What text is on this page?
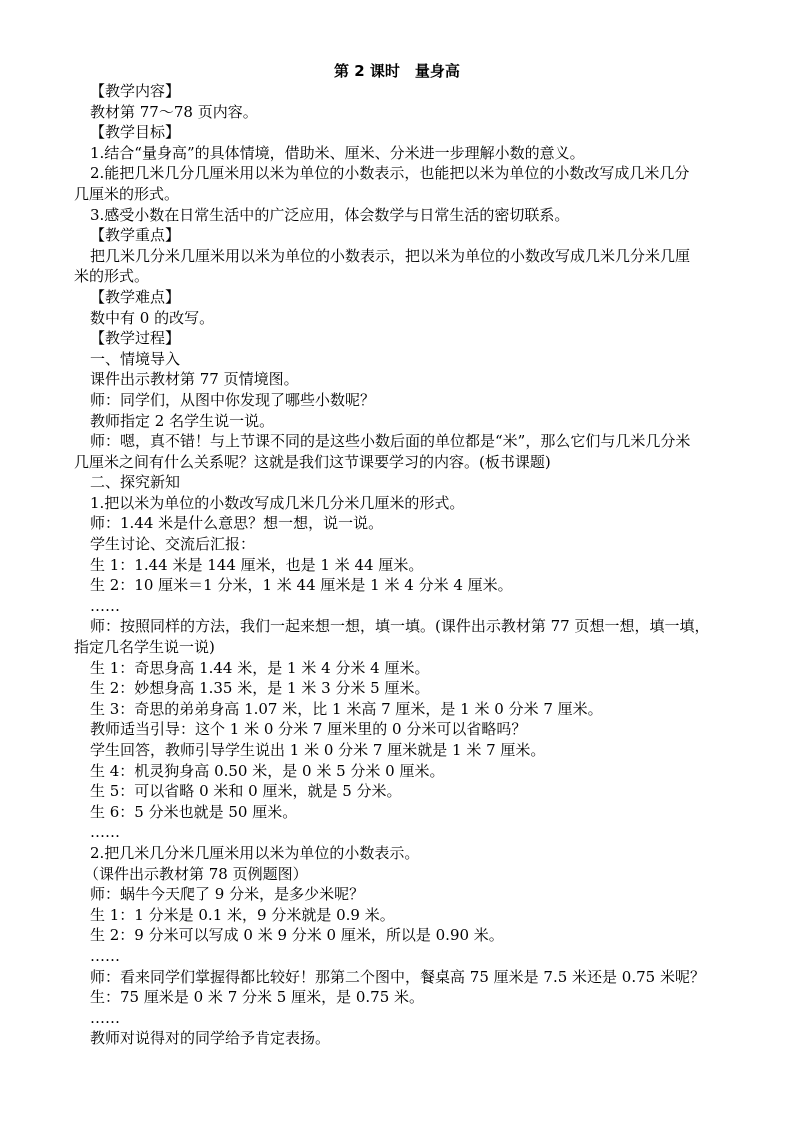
第 2 课时　量身高
【教学内容】
教材第 77～78 页内容。
【教学目标】
1.结合“量身高”的具体情境，借助米、厘米、分米进一步理解小数的意义。
2.能把几米几分几厘米用以米为单位的小数表示，也能把以米为单位的小数改写成几米几分
几厘米的形式。
3.感受小数在日常生活中的广泛应用，体会数学与日常生活的密切联系。
【教学重点】
把几米几分米几厘米用以米为单位的小数表示，把以米为单位的小数改写成几米几分米几厘
米的形式。
【教学难点】
数中有 0 的改写。
【教学过程】
一、情境导入
课件出示教材第 77 页情境图。
师：同学们，从图中你发现了哪些小数呢？
教师指定 2 名学生说一说。
师：嗯，真不错！与上节课不同的是这些小数后面的单位都是“米”，那么它们与几米几分米
几厘米之间有什么关系呢？这就是我们这节课要学习的内容。(板书课题)
二、探究新知
1.把以米为单位的小数改写成几米几分米几厘米的形式。
师：1.44 米是什么意思？想一想，说一说。
学生讨论、交流后汇报：
生 1：1.44 米是 144 厘米，也是 1 米 44 厘米。
生 2：10 厘米＝1 分米，1 米 44 厘米是 1 米 4 分米 4 厘米。
……
师：按照同样的方法，我们一起来想一想，填一填。(课件出示教材第 77 页想一想，填一填，
指定几名学生说一说)
生 1：奇思身高 1.44 米，是 1 米 4 分米 4 厘米。
生 2：妙想身高 1.35 米，是 1 米 3 分米 5 厘米。
生 3：奇思的弟弟身高 1.07 米，比 1 米高 7 厘米，是 1 米 0 分米 7 厘米。
教师适当引导：这个 1 米 0 分米 7 厘米里的 0 分米可以省略吗？
学生回答，教师引导学生说出 1 米 0 分米 7 厘米就是 1 米 7 厘米。
生 4：机灵狗身高 0.50 米，是 0 米 5 分米 0 厘米。
生 5：可以省略 0 米和 0 厘米，就是 5 分米。
生 6：5 分米也就是 50 厘米。
……
2.把几米几分米几厘米用以米为单位的小数表示。
（课件出示教材第 78 页例题图）
师：蜗牛今天爬了 9 分米，是多少米呢？
生 1：1 分米是 0.1 米，9 分米就是 0.9 米。
生 2：9 分米可以写成 0 米 9 分米 0 厘米，所以是 0.90 米。
……
师：看来同学们掌握得都比较好！那第二个图中，餐桌高 75 厘米是 7.5 米还是 0.75 米呢？
生：75 厘米是 0 米 7 分米 5 厘米，是 0.75 米。
……
教师对说得对的同学给予肯定表扬。
